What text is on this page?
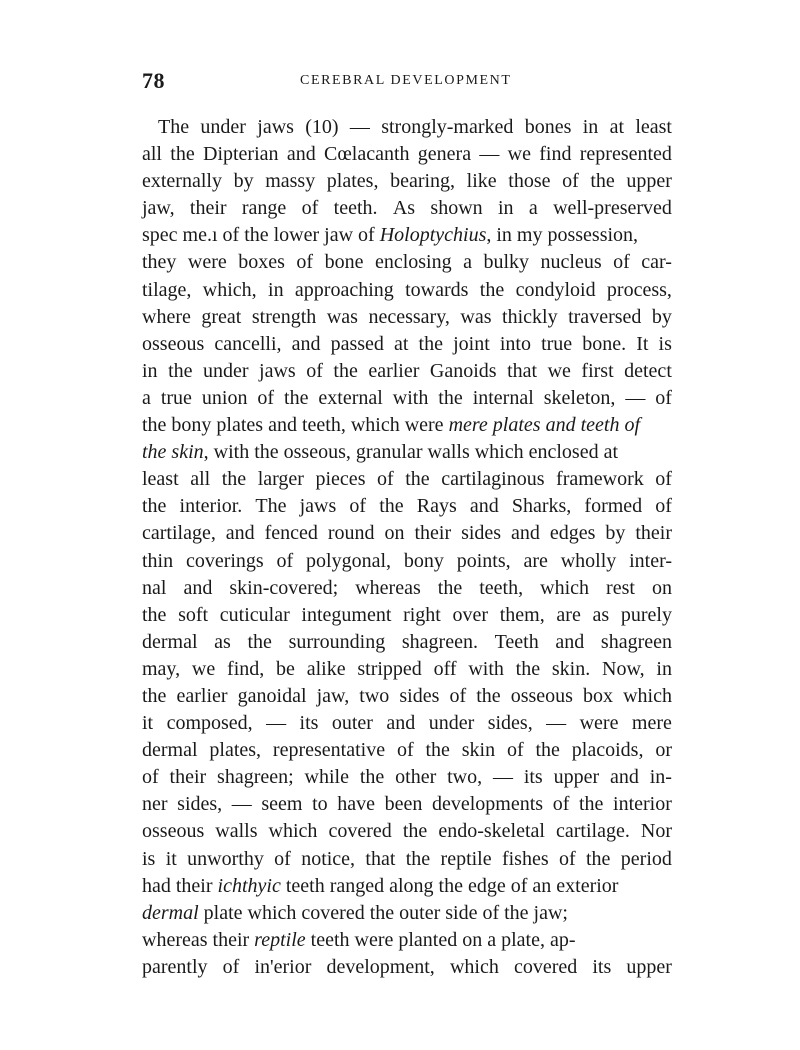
78	CEREBRAL DEVELOPMENT
The under jaws (10) — strongly-marked bones in at least
all the Dipterian and Cœlacanth genera — we find represented
externally by massy plates, bearing, like those of the upper
jaw, their range of teeth. As shown in a well-preserved
spec me.ı of the lower jaw of Holoptychius , in my possession,
they were boxes of bone enclosing a bulky nucleus of car-
tilage, which, in approaching towards the condyloid process,
where great strength was necessary, was thickly traversed by
osseous cancelli, and passed at the joint into true bone. It is
in the under jaws of the earlier Ganoids that we first detect
a true union of the external with the internal skeleton, — of
the bony plates and teeth, which were mere plates and teeth of
the skin , with the osseous, granular walls which enclosed at
least all the larger pieces of the cartilaginous framework of
the interior. The jaws of the Rays and Sharks, formed of
cartilage, and fenced round on their sides and edges by their
thin coverings of polygonal, bony points, are wholly inter-
nal and skin-covered; whereas the teeth, which rest on
the soft cuticular integument right over them, are as purely
dermal as the surrounding shagreen. Teeth and shagreen
may, we find, be alike stripped off with the skin. Now, in
the earlier ganoidal jaw, two sides of the osseous box which
it composed, — its outer and under sides, — were mere
dermal plates, representative of the skin of the placoids, or
of their shagreen; while the other two, — its upper and in-
ner sides, — seem to have been developments of the interior
osseous walls which covered the endo-skeletal cartilage. Nor
is it unworthy of notice, that the reptile fishes of the period
had their ichthyic teeth ranged along the edge of an exterior
dermal plate which covered the outer side of the jaw;
whereas their reptile teeth were planted on a plate, ap-
parently of in'erior development, which covered its upper
